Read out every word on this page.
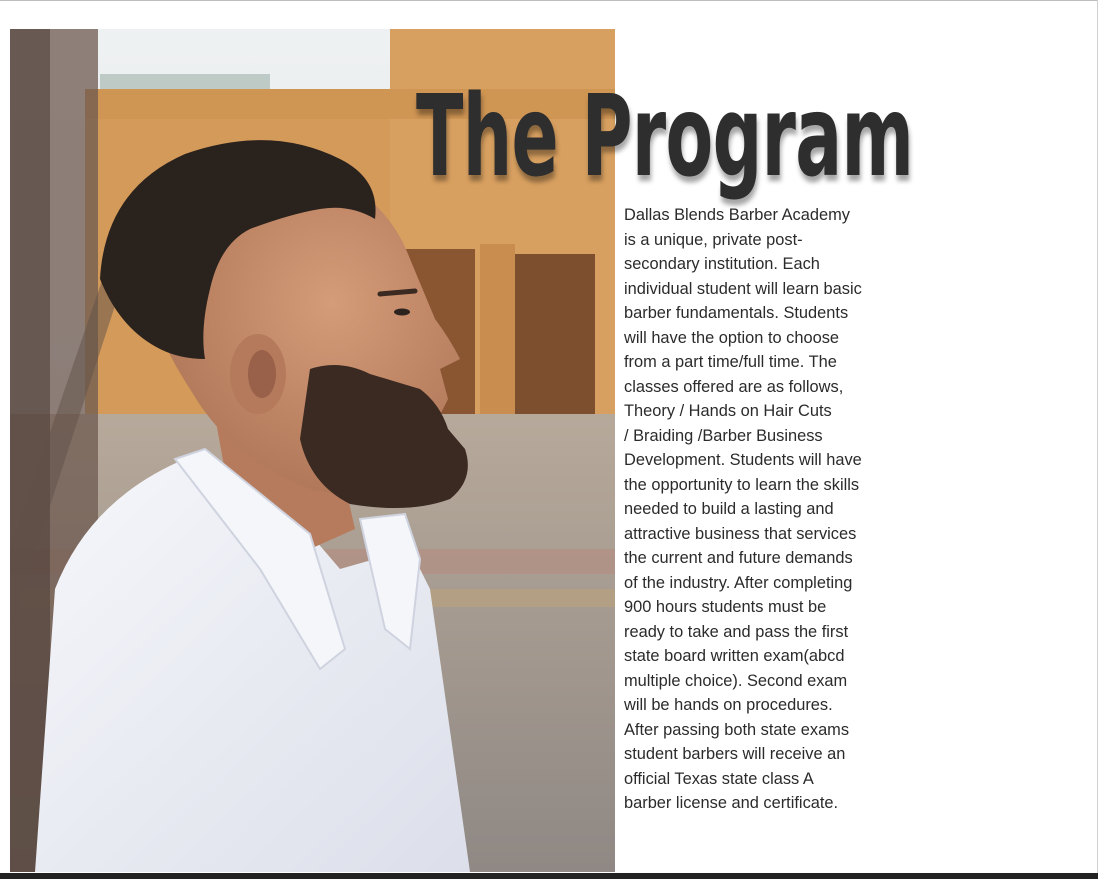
The Program

Dallas Blends Barber Academy
is a unique, private post-
secondary institution. Each
individual student will learn basic
barber fundamentals. Students
will have the option to choose
from a part time/full time. The
classes offered are as follows,
Theory / Hands on Hair Cuts
/ Braiding /Barber Business
Development. Students will have
the opportunity to learn the skills
needed to build a lasting and
attractive business that services
the current and future demands
of the industry. After completing
900 hours students must be
ready to take and pass the first
state board written exam(abcd
multiple choice). Second exam
will be hands on procedures.
After passing both state exams
student barbers will receive an
official Texas state class A
barber license and certificate.
